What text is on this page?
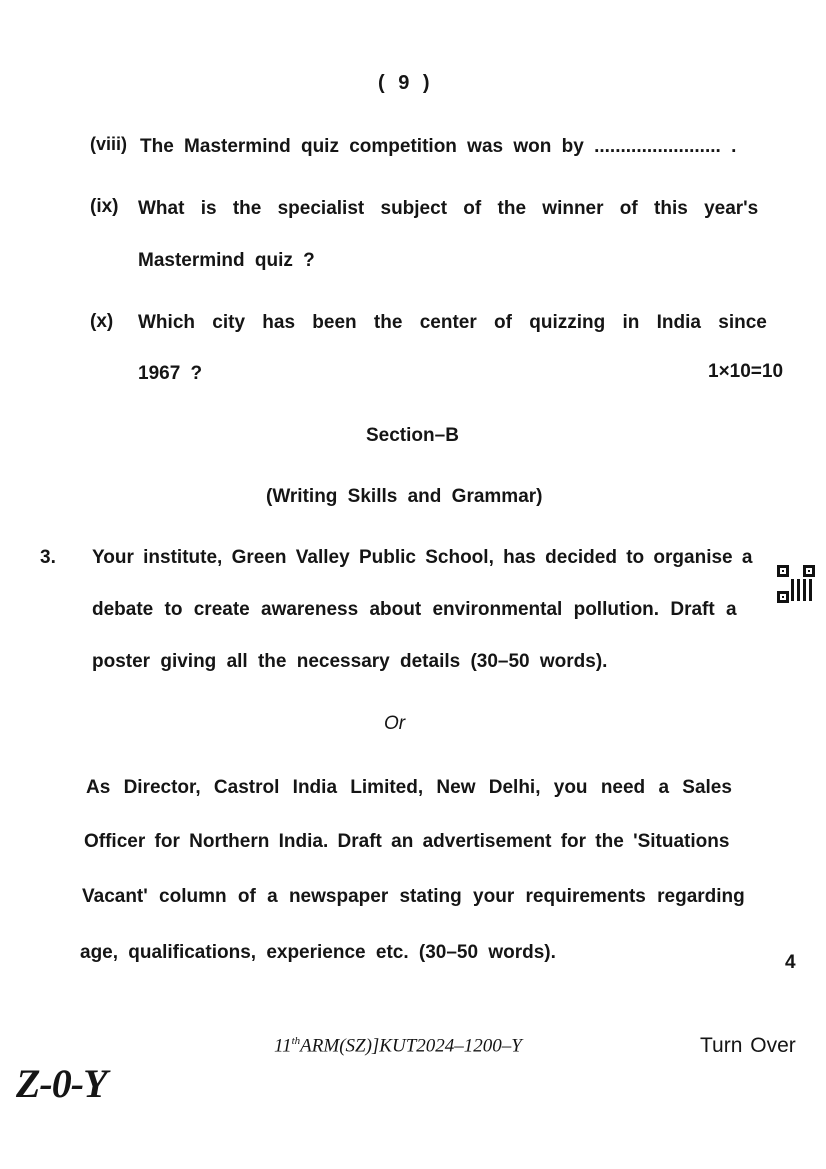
( 9 )
(viii) The Mastermind quiz competition was won by ........................ .
(ix) What is the specialist subject of the winner of this year's
Mastermind quiz ?
(x) Which city has been the center of quizzing in India since
1967 ?	1×10=10
Section–B
(Writing Skills and Grammar)
3. Your institute, Green Valley Public School, has decided to organise a
debate to create awareness about environmental pollution. Draft a
poster giving all the necessary details (30–50 words).
Or
As Director, Castrol India Limited, New Delhi, you need a Sales
Officer for Northern India. Draft an advertisement for the 'Situations
Vacant' column of a newspaper stating your requirements regarding
age, qualifications, experience etc. (30–50 words).	4
11thARM(SZ)]KUT2024–1200–Y	Turn Over
Z-0-Y
